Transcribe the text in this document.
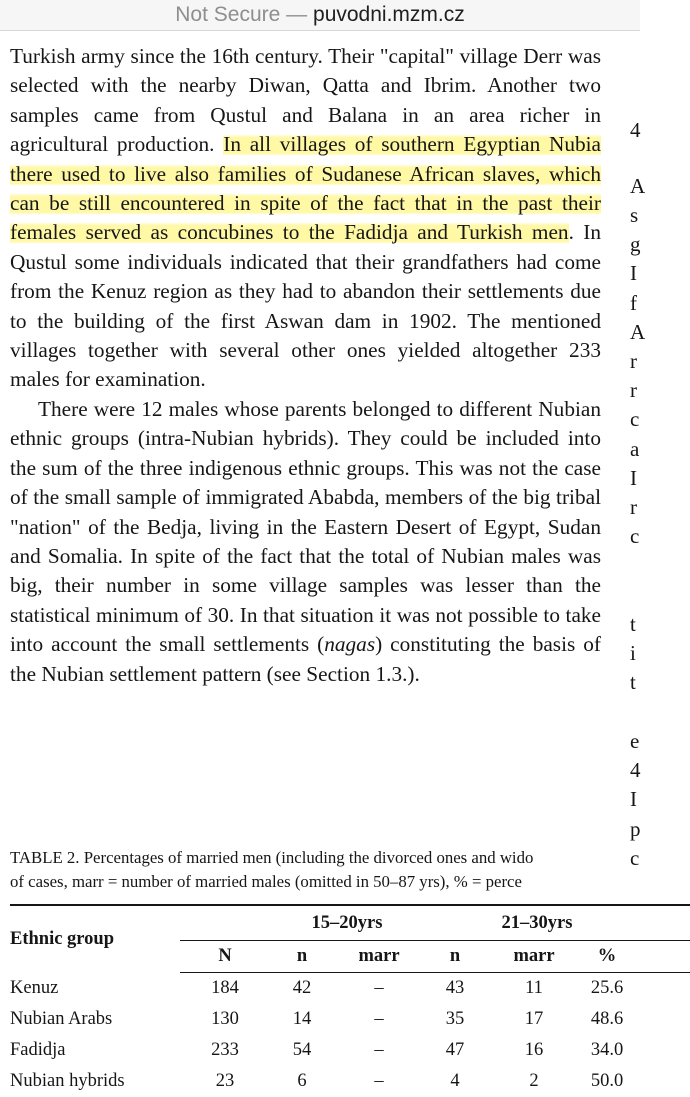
Not Secure — puvodni.mzm.cz

Turkish army since the 16th century. Their "capital" village Derr was selected with the nearby Diwan, Qatta and Ibrim. Another two samples came from Qustul and Balana in an area richer in agricultural production. In all villages of southern Egyptian Nubia there used to live also families of Sudanese African slaves, which can be still encountered in spite of the fact that in the past their females served as concubines to the Fadidja and Turkish men. In Qustul some individuals indicated that their grandfathers had come from the Kenuz region as they had to abandon their settlements due to the building of the first Aswan dam in 1902. The mentioned villages together with several other ones yielded altogether 233 males for examination.

There were 12 males whose parents belonged to different Nubian ethnic groups (intra-Nubian hybrids). They could be included into the sum of the three indigenous ethnic groups. This was not the case of the small sample of immigrated Ababda, members of the big tribal "nation" of the Bedja, living in the Eastern Desert of Egypt, Sudan and Somalia. In spite of the fact that the total of Nubian males was big, their number in some village samples was lesser than the statistical minimum of 30. In that situation it was not possible to take into account the small settlements (nagas) constituting the basis of the Nubian settlement pattern (see Section 1.3.).

4
A
s
g
I
f
A
r
r
c
a
I
r
c
t
i
t
e
4
I
p
c
TABLE 2. Percentages of married men (including the divorced ones and wido
of cases, marr = number of married males (omitted in 50–87 yrs), % = perce
Ethnic group	15–20yrs			21–30yrs			
	N	n	marr	n	marr	%	
Kenuz	184	42	–	43	11	25.6	
Nubian Arabs	130	14	–	35	17	48.6	
Fadidja	233	54	–	47	16	34.0	
Nubian hybrids	23	6	–	4	2	50.0	
